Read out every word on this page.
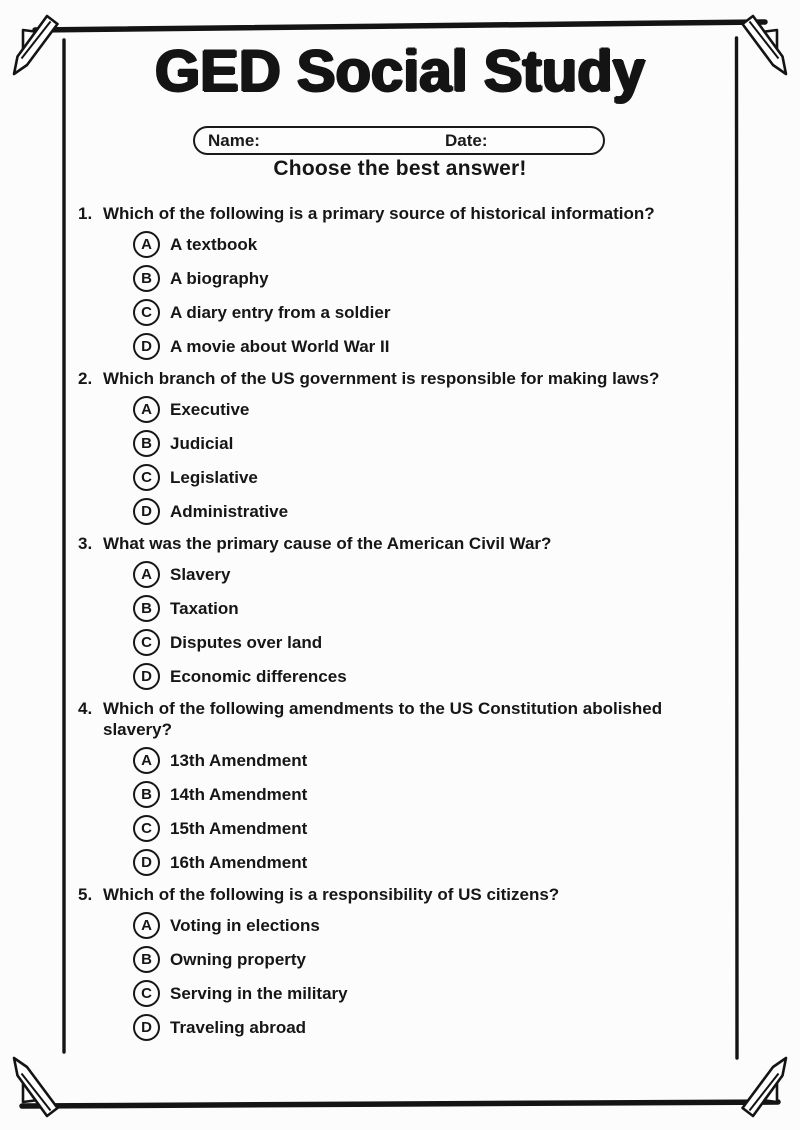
GED Social Study
Name:	Date:
Choose the best answer!
1. Which of the following is a primary source of historical information?
A	A textbook
B	A biography
C	A diary entry from a soldier
D	A movie about World War II
2. Which branch of the US government is responsible for making laws?
A	Executive
B	Judicial
C	Legislative
D	Administrative
3. What was the primary cause of the American Civil War?
A	Slavery
B	Taxation
C	Disputes over land
D	Economic differences
4. Which of the following amendments to the US Constitution abolished slavery?
A	13th Amendment
B	14th Amendment
C	15th Amendment
D	16th Amendment
5. Which of the following is a responsibility of US citizens?
A	Voting in elections
B	Owning property
C	Serving in the military
D	Traveling abroad
